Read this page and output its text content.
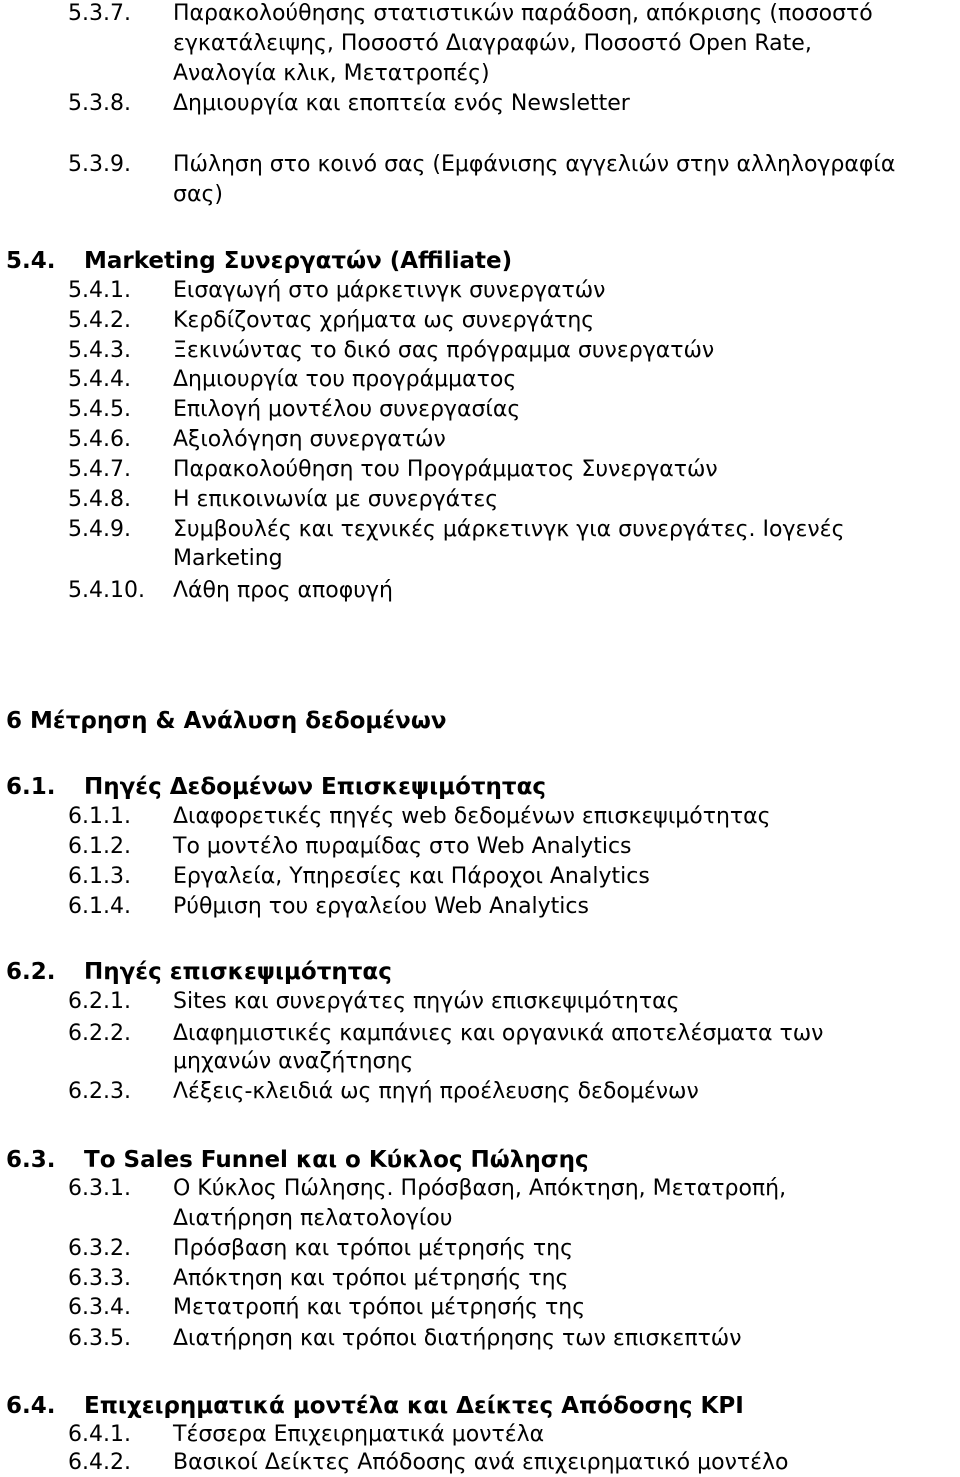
5.3.7. Παρακολούθησης στατιστικών παράδοση, απόκρισης (ποσοστό
εγκατάλειψης, Ποσοστό Διαγραφών, Ποσοστό Open Rate,
Αναλογία κλικ, Μετατροπές)
5.3.8. Δημιουργία και εποπτεία ενός Newsletter
5.3.9. Πώληση στο κοινό σας (Εμφάνισης αγγελιών στην αλληλογραφία
σας)
5.4. Marketing Συνεργατών (Affiliate)
5.4.1. Εισαγωγή στο μάρκετινγκ συνεργατών
5.4.2. Κερδίζοντας χρήματα ως συνεργάτης
5.4.3. Ξεκινώντας το δικό σας πρόγραμμα συνεργατών
5.4.4. Δημιουργία του προγράμματος
5.4.5. Επιλογή μοντέλου συνεργασίας
5.4.6. Αξιολόγηση συνεργατών
5.4.7. Παρακολούθηση του Προγράμματος Συνεργατών
5.4.8. Η επικοινωνία με συνεργάτες
5.4.9. Συμβουλές και τεχνικές μάρκετινγκ για συνεργάτες. Ιογενές
Marketing
5.4.10. Λάθη προς αποφυγή
6 Μέτρηση & Ανάλυση δεδομένων
6.1. Πηγές Δεδομένων Επισκεψιμότητας
6.1.1. Διαφορετικές πηγές web δεδομένων επισκεψιμότητας
6.1.2. Το μοντέλο πυραμίδας στο Web Analytics
6.1.3. Εργαλεία, Υπηρεσίες και Πάροχοι Analytics
6.1.4. Ρύθμιση του εργαλείου Web Analytics
6.2. Πηγές επισκεψιμότητας
6.2.1. Sites και συνεργάτες πηγών επισκεψιμότητας
6.2.2. Διαφημιστικές καμπάνιες και οργανικά αποτελέσματα των
μηχανών αναζήτησης
6.2.3. Λέξεις-κλειδιά ως πηγή προέλευσης δεδομένων
6.3. Το Sales Funnel και ο Κύκλος Πώλησης
6.3.1. Ο Κύκλος Πώλησης. Πρόσβαση, Απόκτηση, Μετατροπή,
Διατήρηση πελατολογίου
6.3.2. Πρόσβαση και τρόποι μέτρησής της
6.3.3. Απόκτηση και τρόποι μέτρησής της
6.3.4. Μετατροπή και τρόποι μέτρησής της
6.3.5. Διατήρηση και τρόποι διατήρησης των επισκεπτών
6.4. Επιχειρηματικά μοντέλα και Δείκτες Απόδοσης KPI
6.4.1. Τέσσερα Επιχειρηματικά μοντέλα
6.4.2. Βασικοί Δείκτες Απόδοσης ανά επιχειρηματικό μοντέλο
